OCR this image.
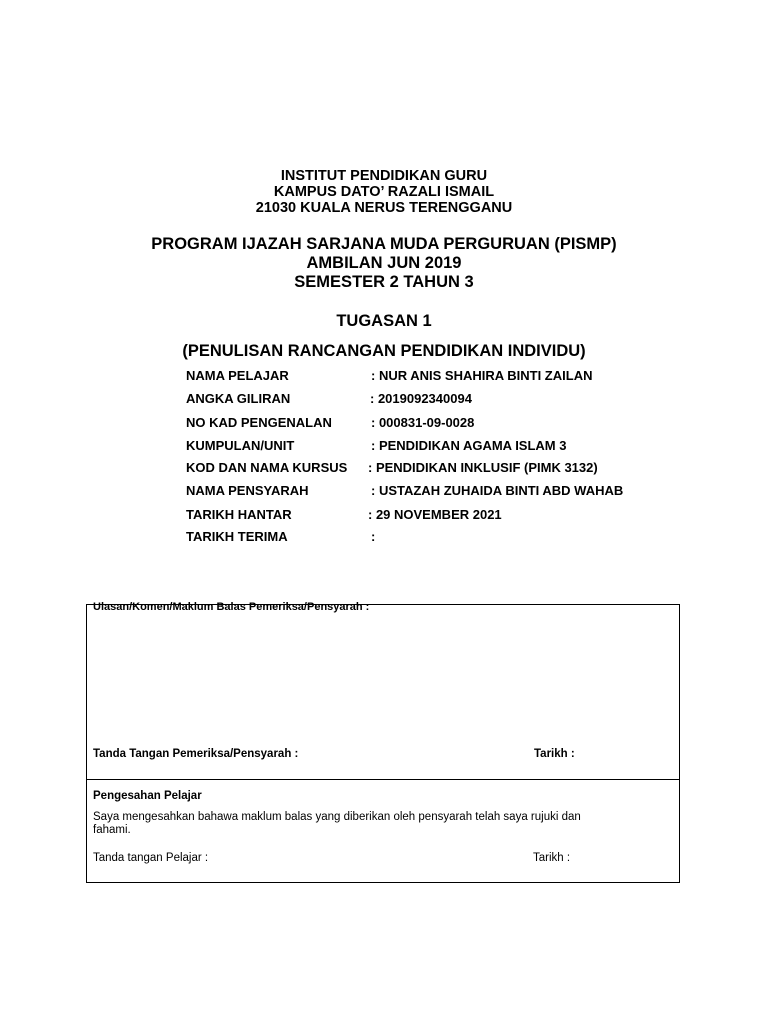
INSTITUT PENDIDIKAN GURU
KAMPUS DATO’ RAZALI ISMAIL
21030 KUALA NERUS TERENGGANU
PROGRAM IJAZAH SARJANA MUDA PERGURUAN (PISMP)
AMBILAN JUN 2019
SEMESTER 2 TAHUN 3
TUGASAN 1
(PENULISAN RANCANGAN PENDIDIKAN INDIVIDU)
NAMA PELAJAR	: NUR ANIS SHAHIRA BINTI ZAILAN
ANGKA GILIRAN	: 2019092340094
NO KAD PENGENALAN	: 000831-09-0028
KUMPULAN/UNIT	: PENDIDIKAN AGAMA ISLAM 3
KOD DAN NAMA KURSUS : PENDIDIKAN INKLUSIF (PIMK 3132)
NAMA PENSYARAH	: USTAZAH ZUHAIDA BINTI ABD WAHAB
TARIKH HANTAR	: 29 NOVEMBER 2021
TARIKH TERIMA	:
Ulasan/Komen/Maklum Balas Pemeriksa/Pensyarah :
Tanda Tangan Pemeriksa/Pensyarah :	Tarikh :
Pengesahan Pelajar
Saya mengesahkan bahawa maklum balas yang diberikan oleh pensyarah telah saya rujuki dan
fahami.
Tanda tangan Pelajar :	Tarikh :
